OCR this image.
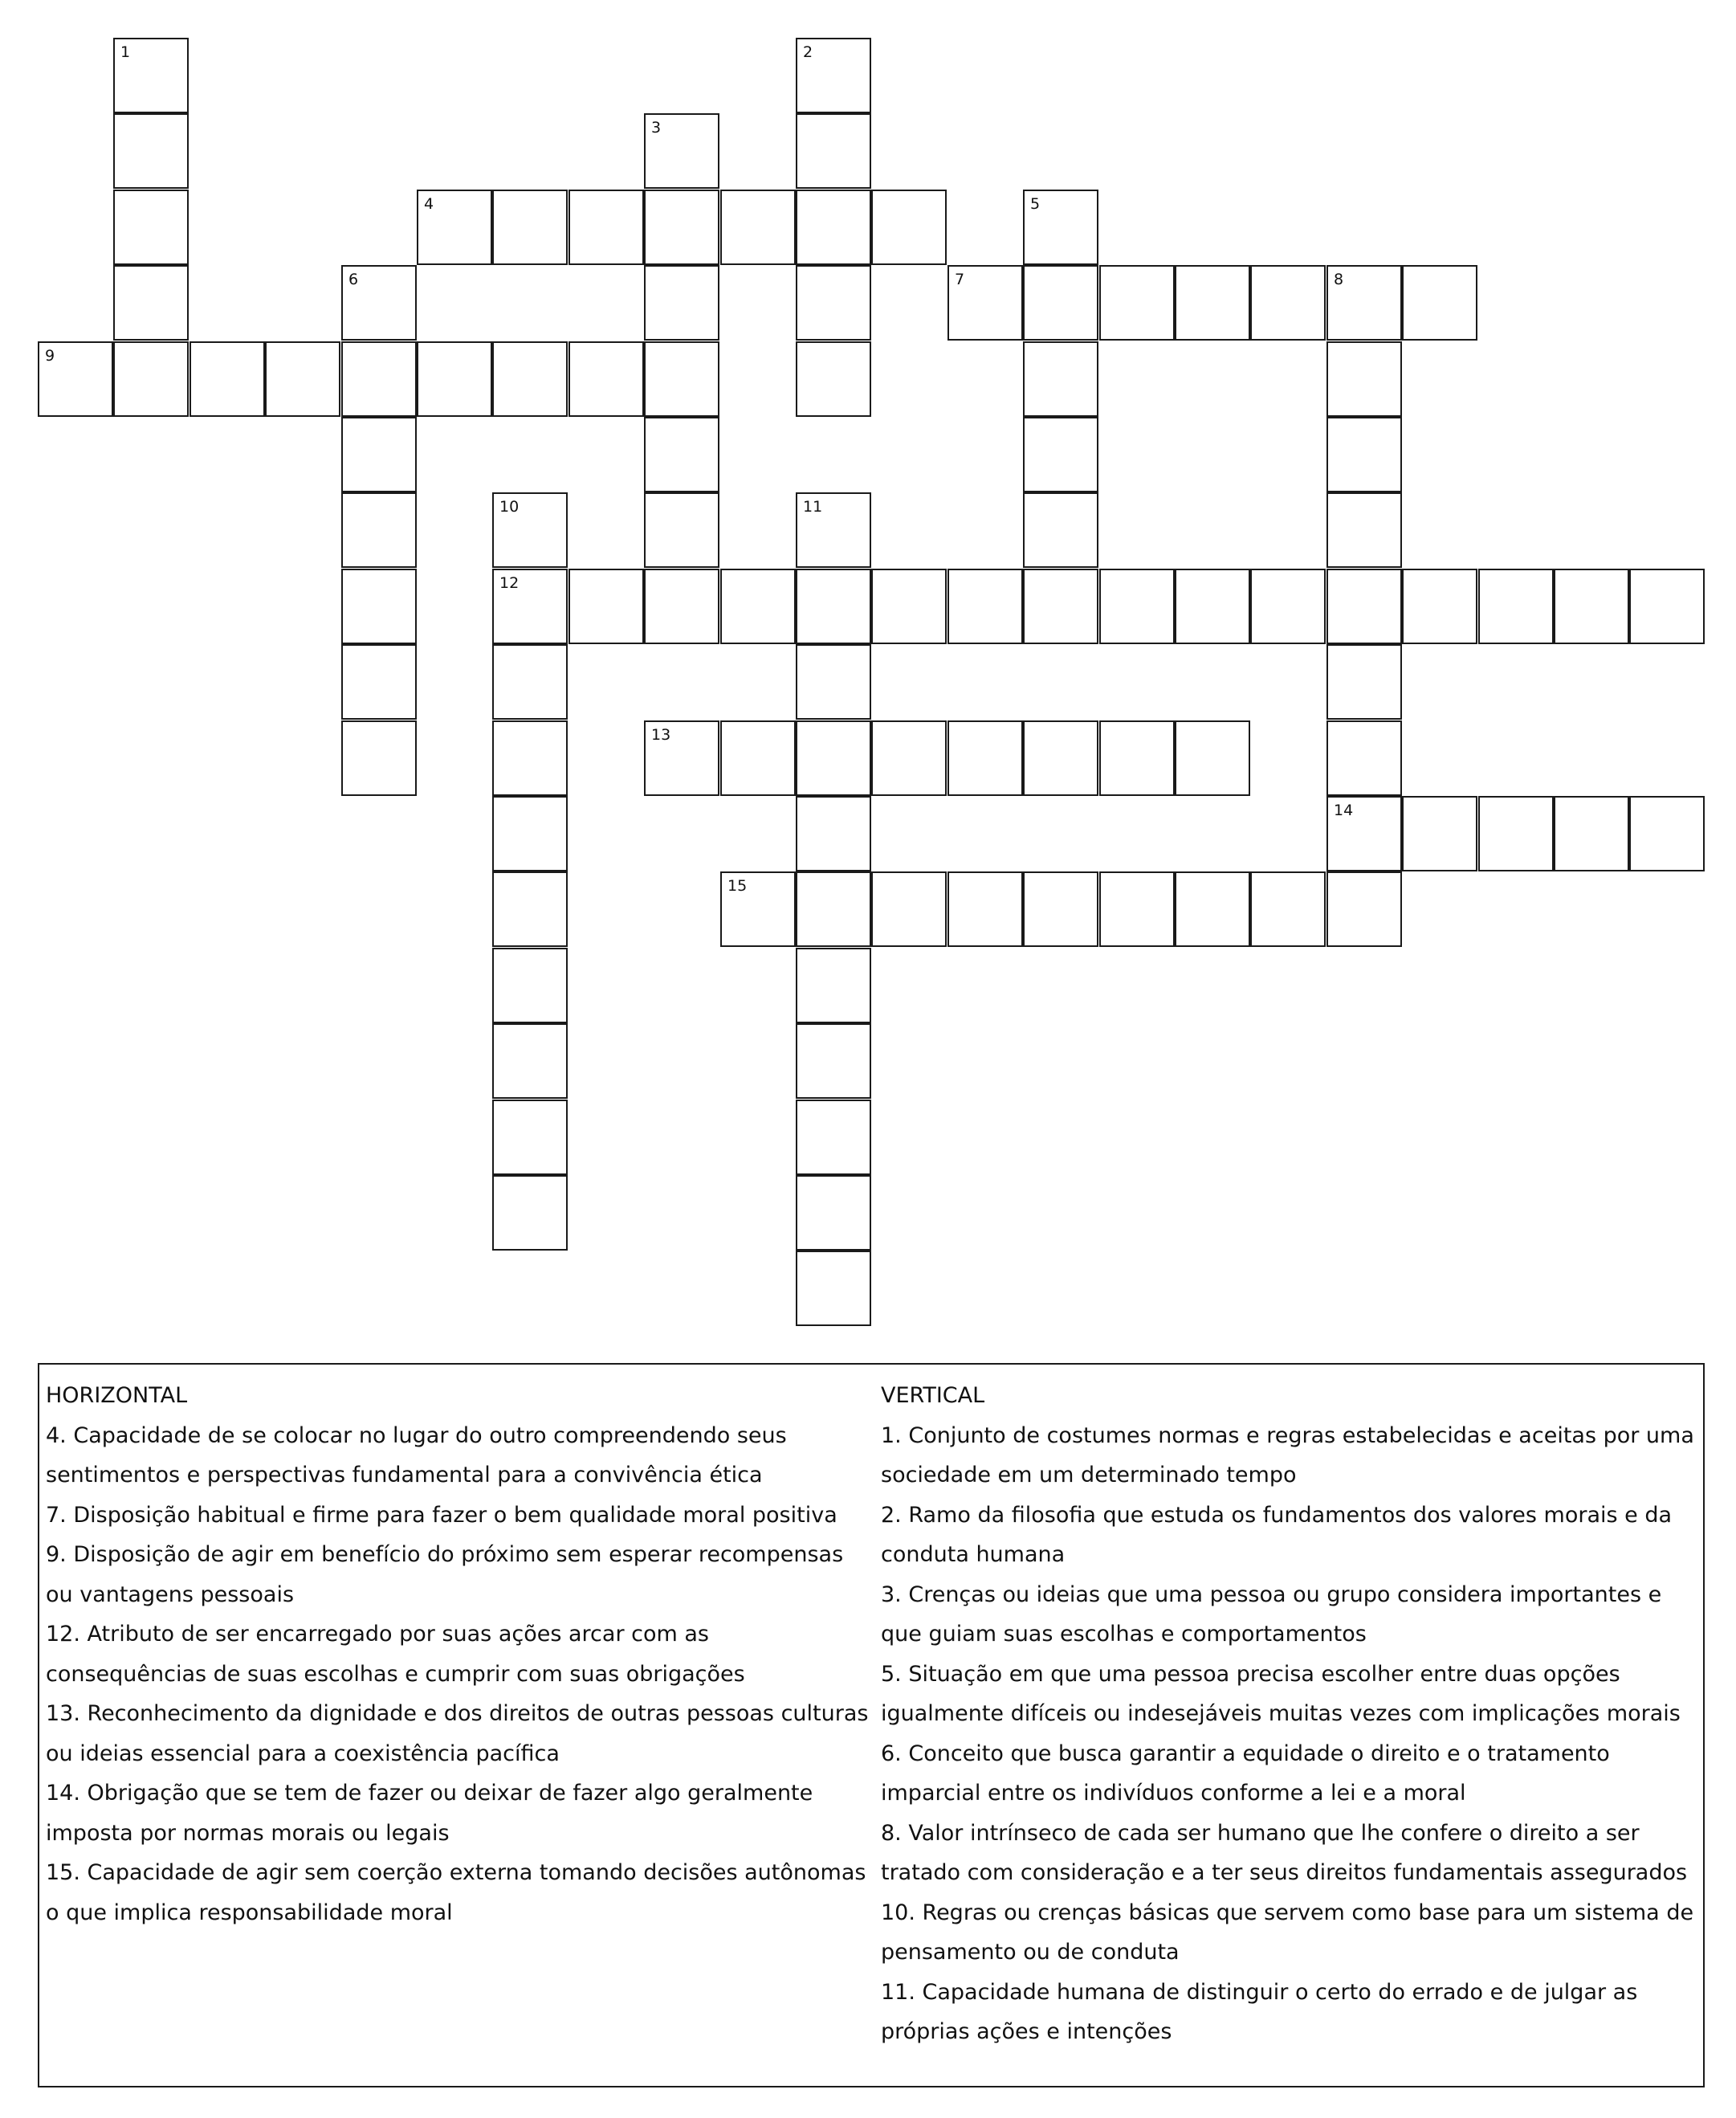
1	2
3
4	5
6	7	8
9
10
12
11
13
14
15
HORIZONTAL
4. Capacidade de se colocar no lugar do outro compreendendo seus sentimentos e perspectivas fundamental para a convivência ética
7. Disposição habitual e firme para fazer o bem qualidade moral positiva
9. Disposição de agir em benefício do próximo sem esperar recompensas ou vantagens pessoais
12. Atributo de ser encarregado por suas ações arcar com as consequências de suas escolhas e cumprir com suas obrigações
13. Reconhecimento da dignidade e dos direitos de outras pessoas culturas ou ideias essencial para a coexistência pacífica
14. Obrigação que se tem de fazer ou deixar de fazer algo geralmente imposta por normas morais ou legais
15. Capacidade de agir sem coerção externa tomando decisões autônomas o que implica responsabilidade moral
VERTICAL
1. Conjunto de costumes normas e regras estabelecidas e aceitas por uma sociedade em um determinado tempo
2. Ramo da filosofia que estuda os fundamentos dos valores morais e da conduta humana
3. Crenças ou ideias que uma pessoa ou grupo considera importantes e que guiam suas escolhas e comportamentos
5. Situação em que uma pessoa precisa escolher entre duas opções igualmente difíceis ou indesejáveis muitas vezes com implicações morais
6. Conceito que busca garantir a equidade o direito e o tratamento imparcial entre os indivíduos conforme a lei e a moral
8. Valor intrínseco de cada ser humano que lhe confere o direito a ser tratado com consideração e a ter seus direitos fundamentais assegurados
10. Regras ou crenças básicas que servem como base para um sistema de pensamento ou de conduta
11. Capacidade humana de distinguir o certo do errado e de julgar as próprias ações e intenções
